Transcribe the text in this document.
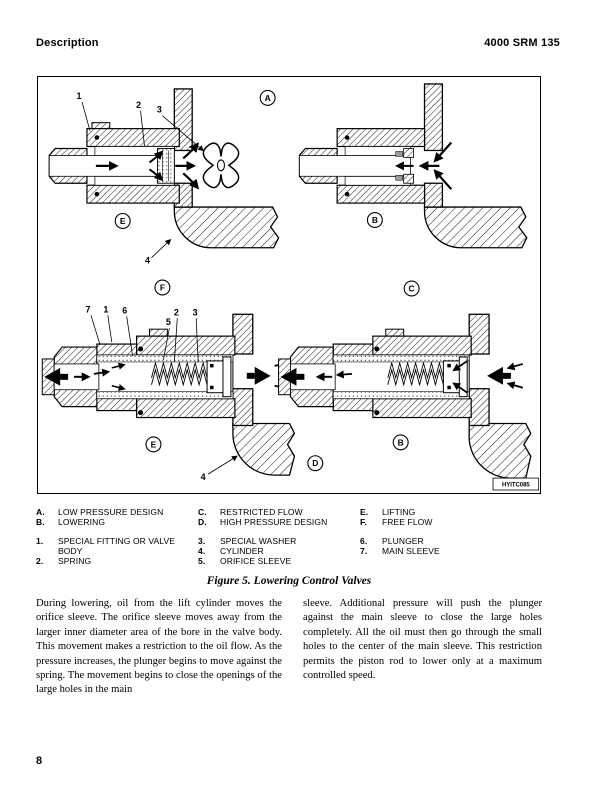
Description	4000 SRM 135
1
2 3
4
E
A
F
B
C
7 1 6
5
2 3
4
E	B
D
HYITC085
A.	LOW PRESSURE DESIGN
B.	LOWERING
1.	SPECIAL FITTING OR VALVE BODY
2.	SPRING
C.	RESTRICTED FLOW
D.	HIGH PRESSURE DESIGN
3.	SPECIAL WASHER
4.	CYLINDER
5.	ORIFICE SLEEVE
E.	LIFTING
F.	FREE FLOW
6.	PLUNGER
7.	MAIN SLEEVE
Figure 5. Lowering Control Valves
During lowering, oil from the lift cylinder moves the orifice sleeve. The orifice sleeve moves away from the larger inner diameter area of the bore in the valve body. This movement makes a restriction to the oil flow. As the pressure increases, the plunger begins to move against the spring. The movement begins to close the openings of the large holes in the main
sleeve. Additional pressure will push the plunger against the main sleeve to close the large holes completely. All the oil must then go through the small holes to the center of the main sleeve. This restriction permits the piston rod to lower only at a maximum controlled speed.
8
